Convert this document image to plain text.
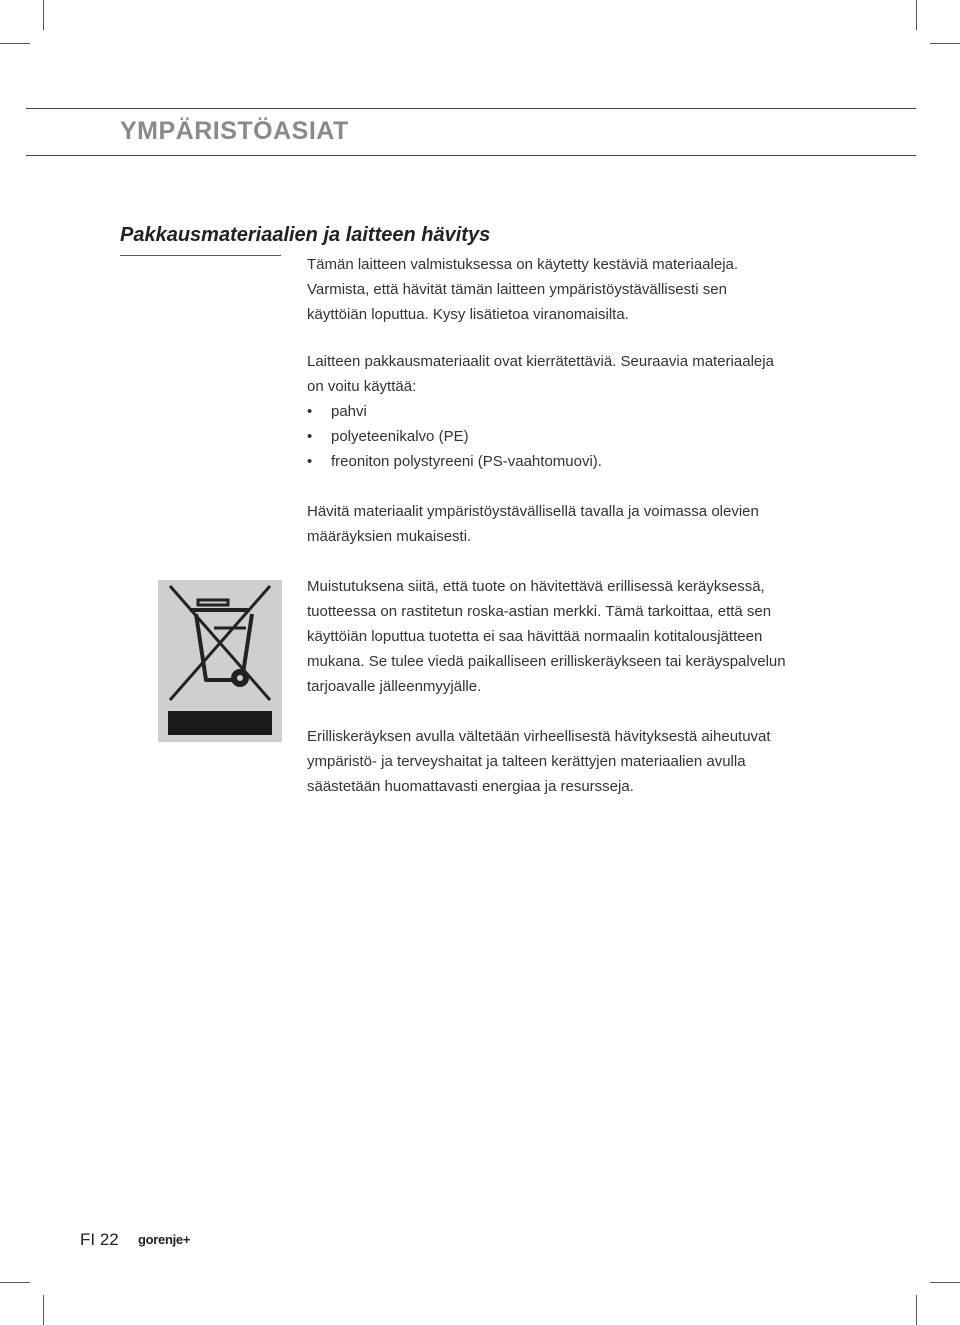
YMPÄRISTÖASIAT
Pakkausmateriaalien ja laitteen hävitys

Tämän laitteen valmistuksessa on käytetty kestäviä materiaaleja.

Varmista, että hävität tämän laitteen ympäristöystävällisesti sen

käyttöiän loputtua. Kysy lisätietoa viranomaisilta.

Laitteen pakkausmateriaalit ovat kierrätettäviä. Seuraavia materiaaleja

on voitu käyttää:

• pahvi
• polyeteenikalvo (PE)
• freoniton polystyreeni (PS-vaahtomuovi).

Hävitä materiaalit ympäristöystävällisellä tavalla ja voimassa olevien

määräyksien mukaisesti.

Muistutuksena siitä, että tuote on hävitettävä erillisessä keräyksessä,

tuotteessa on rastitetun roska-astian merkki. Tämä tarkoittaa, että sen

käyttöiän loputtua tuotetta ei saa hävittää normaalin kotitalousjätteen

mukana. Se tulee viedä paikalliseen erilliskeräykseen tai keräyspalvelun

tarjoavalle jälleenmyyjälle.

Erilliskeräyksen avulla vältetään virheellisestä hävityksestä aiheutuvat

ympäristö- ja terveyshaitat ja talteen kerättyjen materiaalien avulla

säästetään huomattavasti energiaa ja resursseja.

FI 22 gorenje+
